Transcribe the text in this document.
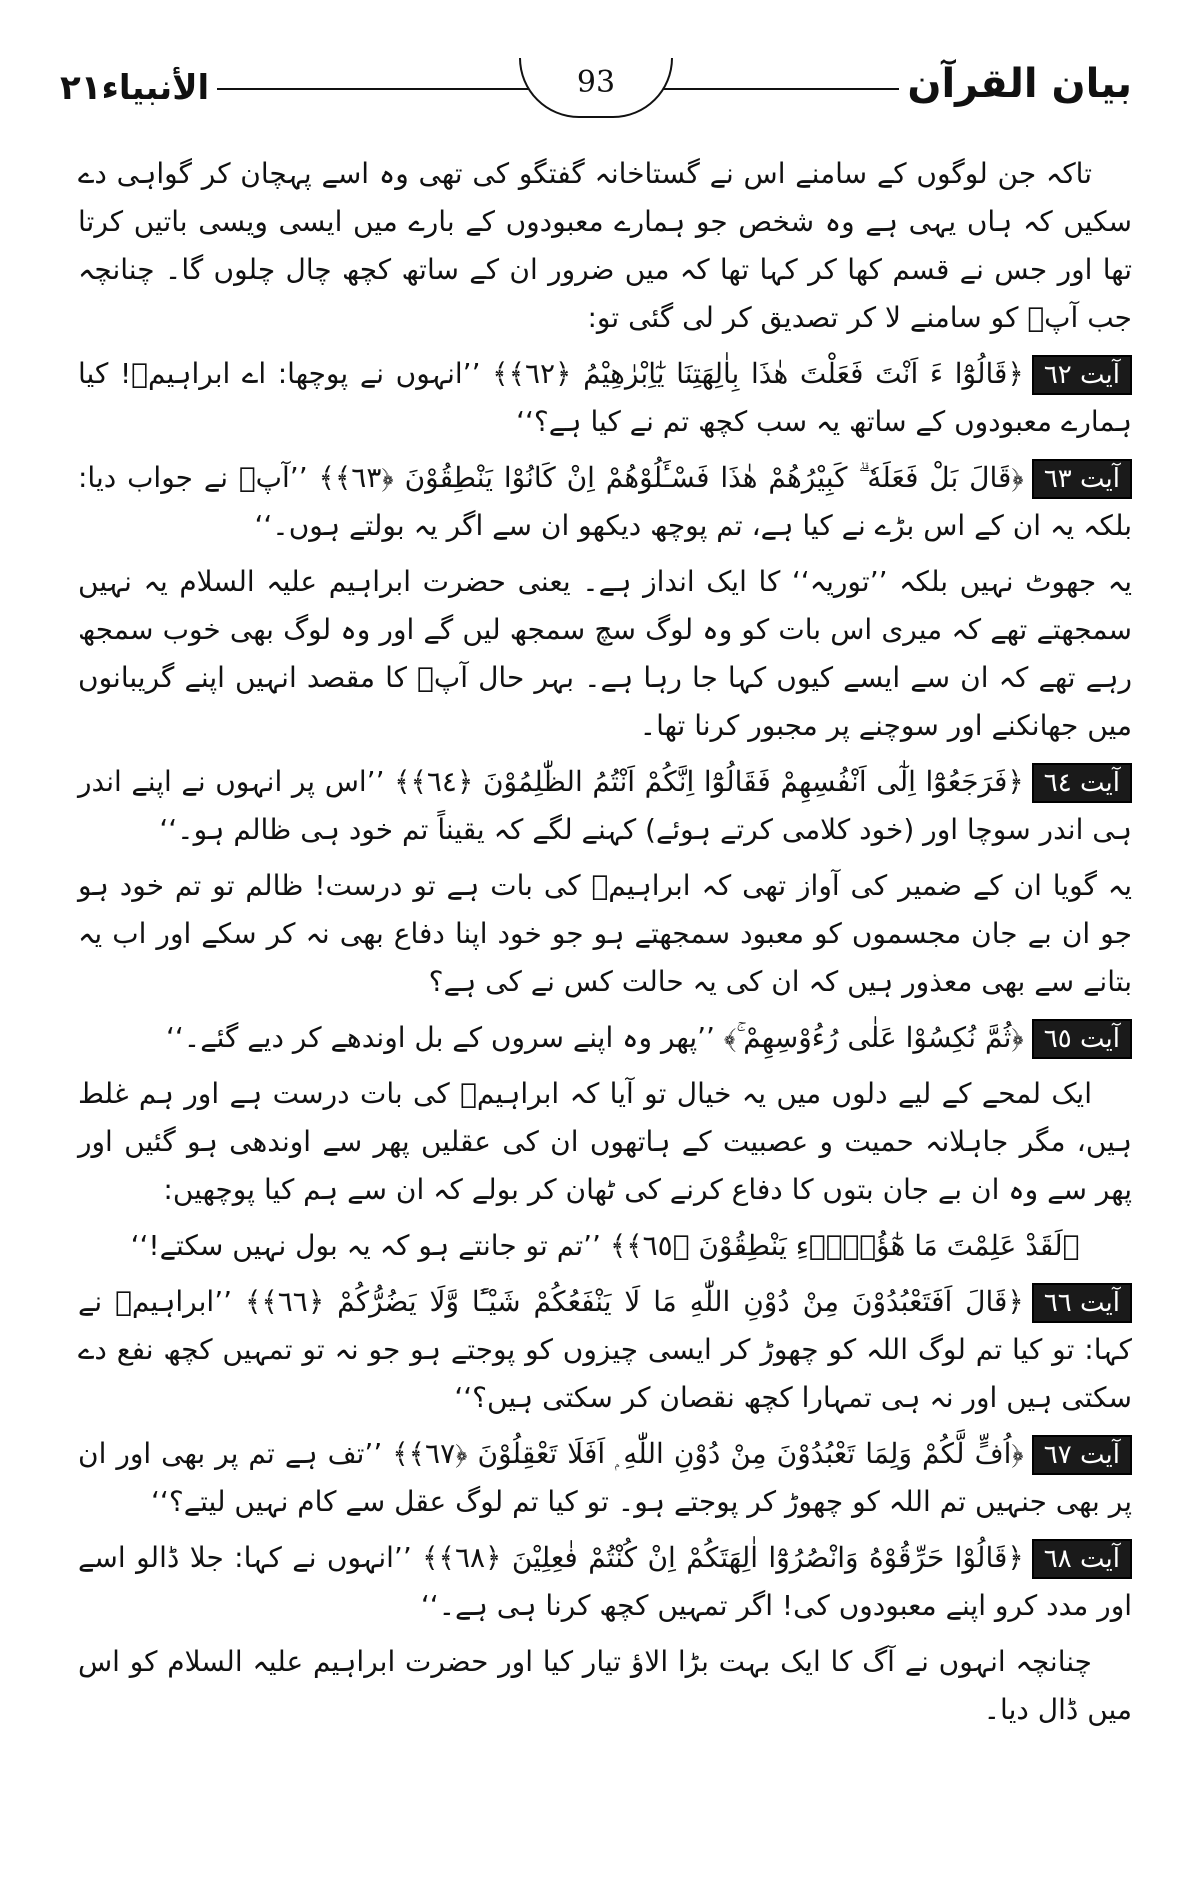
بیان القرآن
93
الأنبياء٢١

تاکہ جن لوگوں کے سامنے اس نے گستاخانہ گفتگو کی تھی وہ اسے پہچان کر گواہی دے سکیں کہ ہاں یہی ہے وہ شخص جو ہمارے معبودوں کے بارے میں ایسی ویسی باتیں کرتا تھا اور جس نے قسم کھا کر کہا تھا کہ میں ضرور ان کے ساتھ کچھ چال چلوں گا۔ چنانچہ جب آپؑ کو سامنے لا کر تصدیق کر لی گئی تو:

آیت ٦٢﴿قَالُوْٓا ءَ اَنْتَ فَعَلْتَ هٰذَا بِاٰلِهَتِنَا يٰٓاِبْرٰهِيْمُ ﴿٦٢﴾﴾ ’’انہوں نے پوچھا: اے ابراہیمؑ! کیا ہمارے معبودوں کے ساتھ یہ سب کچھ تم نے کیا ہے؟‘‘

آیت ٦٣﴿قَالَ بَلْ فَعَلَهٗ ۗ كَبِيْرُهُمْ هٰذَا فَسْـَٔلُوْهُمْ اِنْ كَانُوْا يَنْطِقُوْنَ ﴿٦٣﴾﴾ ’’آپؑ نے جواب دیا: بلکہ یہ ان کے اس بڑے نے کیا ہے، تم پوچھ دیکھو ان سے اگر یہ بولتے ہوں۔‘‘

یہ جھوٹ نہیں بلکہ ’’توریہ‘‘ کا ایک انداز ہے۔ یعنی حضرت ابراہیم علیہ السلام یہ نہیں سمجھتے تھے کہ میری اس بات کو وہ لوگ سچ سمجھ لیں گے اور وہ لوگ بھی خوب سمجھ رہے تھے کہ ان سے ایسے کیوں کہا جا رہا ہے۔ بہر حال آپؑ کا مقصد انہیں اپنے گریبانوں میں جھانکنے اور سوچنے پر مجبور کرنا تھا۔

آیت ٦٤﴿فَرَجَعُوْٓا اِلٰٓى اَنْفُسِهِمْ فَقَالُوْٓا اِنَّكُمْ اَنْتُمُ الظّٰلِمُوْنَ ﴿٦٤﴾﴾ ’’اس پر انہوں نے اپنے اندر ہی اندر سوچا اور (خود کلامی کرتے ہوئے) کہنے لگے کہ یقیناً تم خود ہی ظالم ہو۔‘‘

یہ گویا ان کے ضمیر کی آواز تھی کہ ابراہیمؑ کی بات ہے تو درست! ظالم تو تم خود ہو جو ان بے جان مجسموں کو معبود سمجھتے ہو جو خود اپنا دفاع بھی نہ کر سکے اور اب یہ بتانے سے بھی معذور ہیں کہ ان کی یہ حالت کس نے کی ہے؟

آیت ٦٥﴿ثُمَّ نُكِسُوْا عَلٰى رُءُوْسِهِمْ ۚ﴾ ’’پھر وہ اپنے سروں کے بل اوندھے کر دیے گئے۔‘‘

ایک لمحے کے لیے دلوں میں یہ خیال تو آیا کہ ابراہیمؑ کی بات درست ہے اور ہم غلط ہیں، مگر جاہلانہ حمیت و عصبیت کے ہاتھوں ان کی عقلیں پھر سے اوندھی ہو گئیں اور پھر سے وہ ان بے جان بتوں کا دفاع کرنے کی ٹھان کر بولے کہ ان سے ہم کیا پوچھیں:

﴿لَقَدْ عَلِمْتَ مَا هٰٓؤُلَاۗءِ يَنْطِقُوْنَ ﴿٦٥﴾﴾ ’’تم تو جانتے ہو کہ یہ بول نہیں سکتے!‘‘

آیت ٦٦﴿قَالَ اَفَتَعْبُدُوْنَ مِنْ دُوْنِ اللّٰهِ مَا لَا يَنْفَعُكُمْ شَيْـًٔا وَّلَا يَضُرُّكُمْ ﴿٦٦﴾﴾ ’’ابراہیمؑ نے کہا: تو کیا تم لوگ اللہ کو چھوڑ کر ایسی چیزوں کو پوجتے ہو جو نہ تو تمہیں کچھ نفع دے سکتی ہیں اور نہ ہی تمہارا کچھ نقصان کر سکتی ہیں؟‘‘

آیت ٦٧﴿اُفٍّ لَّكُمْ وَلِمَا تَعْبُدُوْنَ مِنْ دُوْنِ اللّٰهِ ۭ اَفَلَا تَعْقِلُوْنَ ﴿٦٧﴾﴾ ’’تف ہے تم پر بھی اور ان پر بھی جنہیں تم اللہ کو چھوڑ کر پوجتے ہو۔ تو کیا تم لوگ عقل سے کام نہیں لیتے؟‘‘

آیت ٦٨﴿قَالُوْا حَرِّقُوْهُ وَانْصُرُوْٓا اٰلِهَتَكُمْ اِنْ كُنْتُمْ فٰعِلِيْنَ ﴿٦٨﴾﴾ ’’انہوں نے کہا: جلا ڈالو اسے اور مدد کرو اپنے معبودوں کی! اگر تمہیں کچھ کرنا ہی ہے۔‘‘

چنانچہ انہوں نے آگ کا ایک بہت بڑا الاؤ تیار کیا اور حضرت ابراہیم علیہ السلام کو اس میں ڈال دیا۔
